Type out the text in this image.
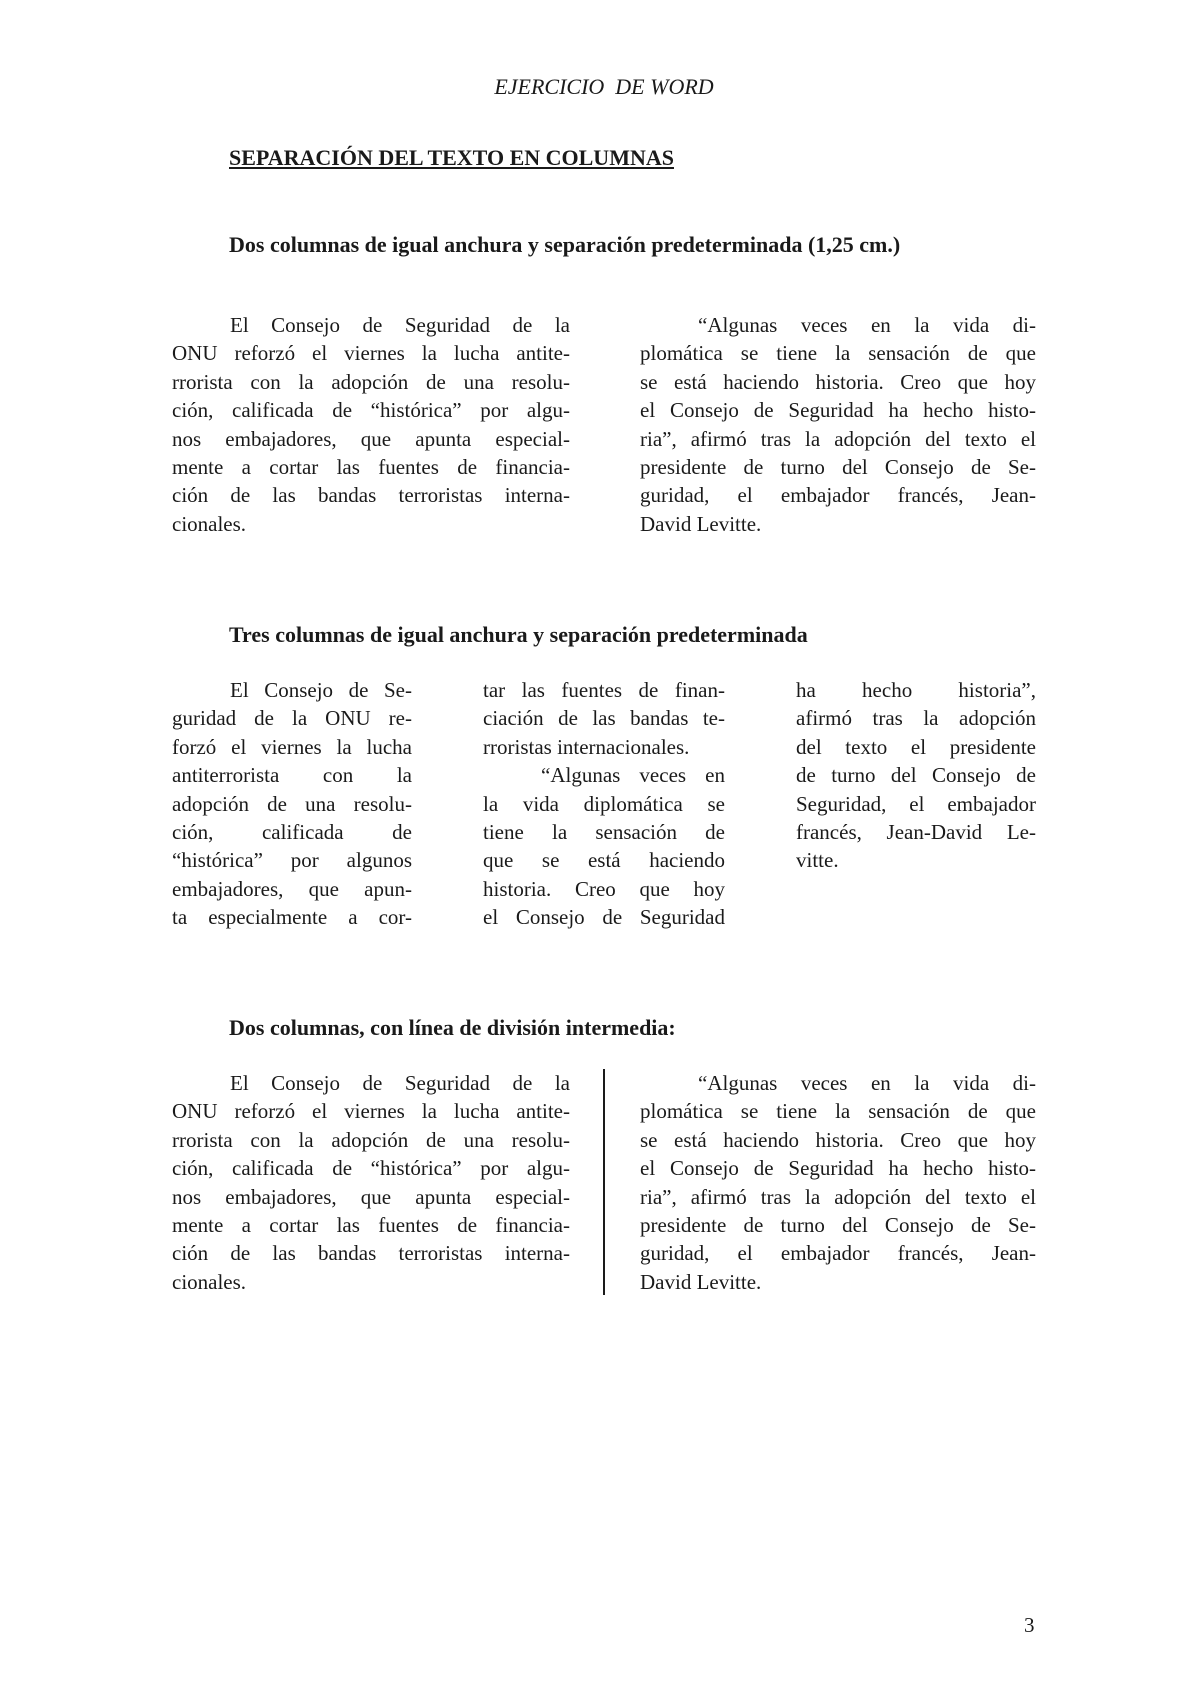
EJERCICIO  DE WORD
SEPARACIÓN DEL TEXTO EN COLUMNAS
Dos columnas de igual anchura y separación predeterminada (1,25 cm.)
El Consejo de Seguridad de la
ONU reforzó el viernes la lucha antite-
rrorista con la adopción de una resolu-
ción, calificada de “histórica” por algu-
nos embajadores, que apunta especial-
mente a cortar las fuentes de financia-
ción de las bandas terroristas interna-
cionales.
“Algunas veces en la vida di-
plomática se tiene la sensación de que
se está haciendo historia. Creo que hoy
el Consejo de Seguridad ha hecho histo-
ria”, afirmó tras la adopción del texto el
presidente de turno del Consejo de Se-
guridad, el embajador francés, Jean-
David Levitte.
Tres columnas de igual anchura y separación predeterminada
El Consejo de Se-
guridad de la ONU re-
forzó el viernes la lucha
antiterrorista con la
adopción de una resolu-
ción, calificada de
“histórica” por algunos
embajadores, que apun-
ta especialmente a cor-
tar las fuentes de finan-
ciación de las bandas te-
rroristas internacionales.
“Algunas veces en
la vida diplomática se
tiene la sensación de
que se está haciendo
historia. Creo que hoy
el Consejo de Seguridad
ha hecho historia”,
afirmó tras la adopción
del texto el presidente
de turno del Consejo de
Seguridad, el embajador
francés, Jean-David Le-
vitte.
Dos columnas, con línea de división intermedia:
El Consejo de Seguridad de la
ONU reforzó el viernes la lucha antite-
rrorista con la adopción de una resolu-
ción, calificada de “histórica” por algu-
nos embajadores, que apunta especial-
mente a cortar las fuentes de financia-
ción de las bandas terroristas interna-
cionales.
“Algunas veces en la vida di-
plomática se tiene la sensación de que
se está haciendo historia. Creo que hoy
el Consejo de Seguridad ha hecho histo-
ria”, afirmó tras la adopción del texto el
presidente de turno del Consejo de Se-
guridad, el embajador francés, Jean-
David Levitte.
3
